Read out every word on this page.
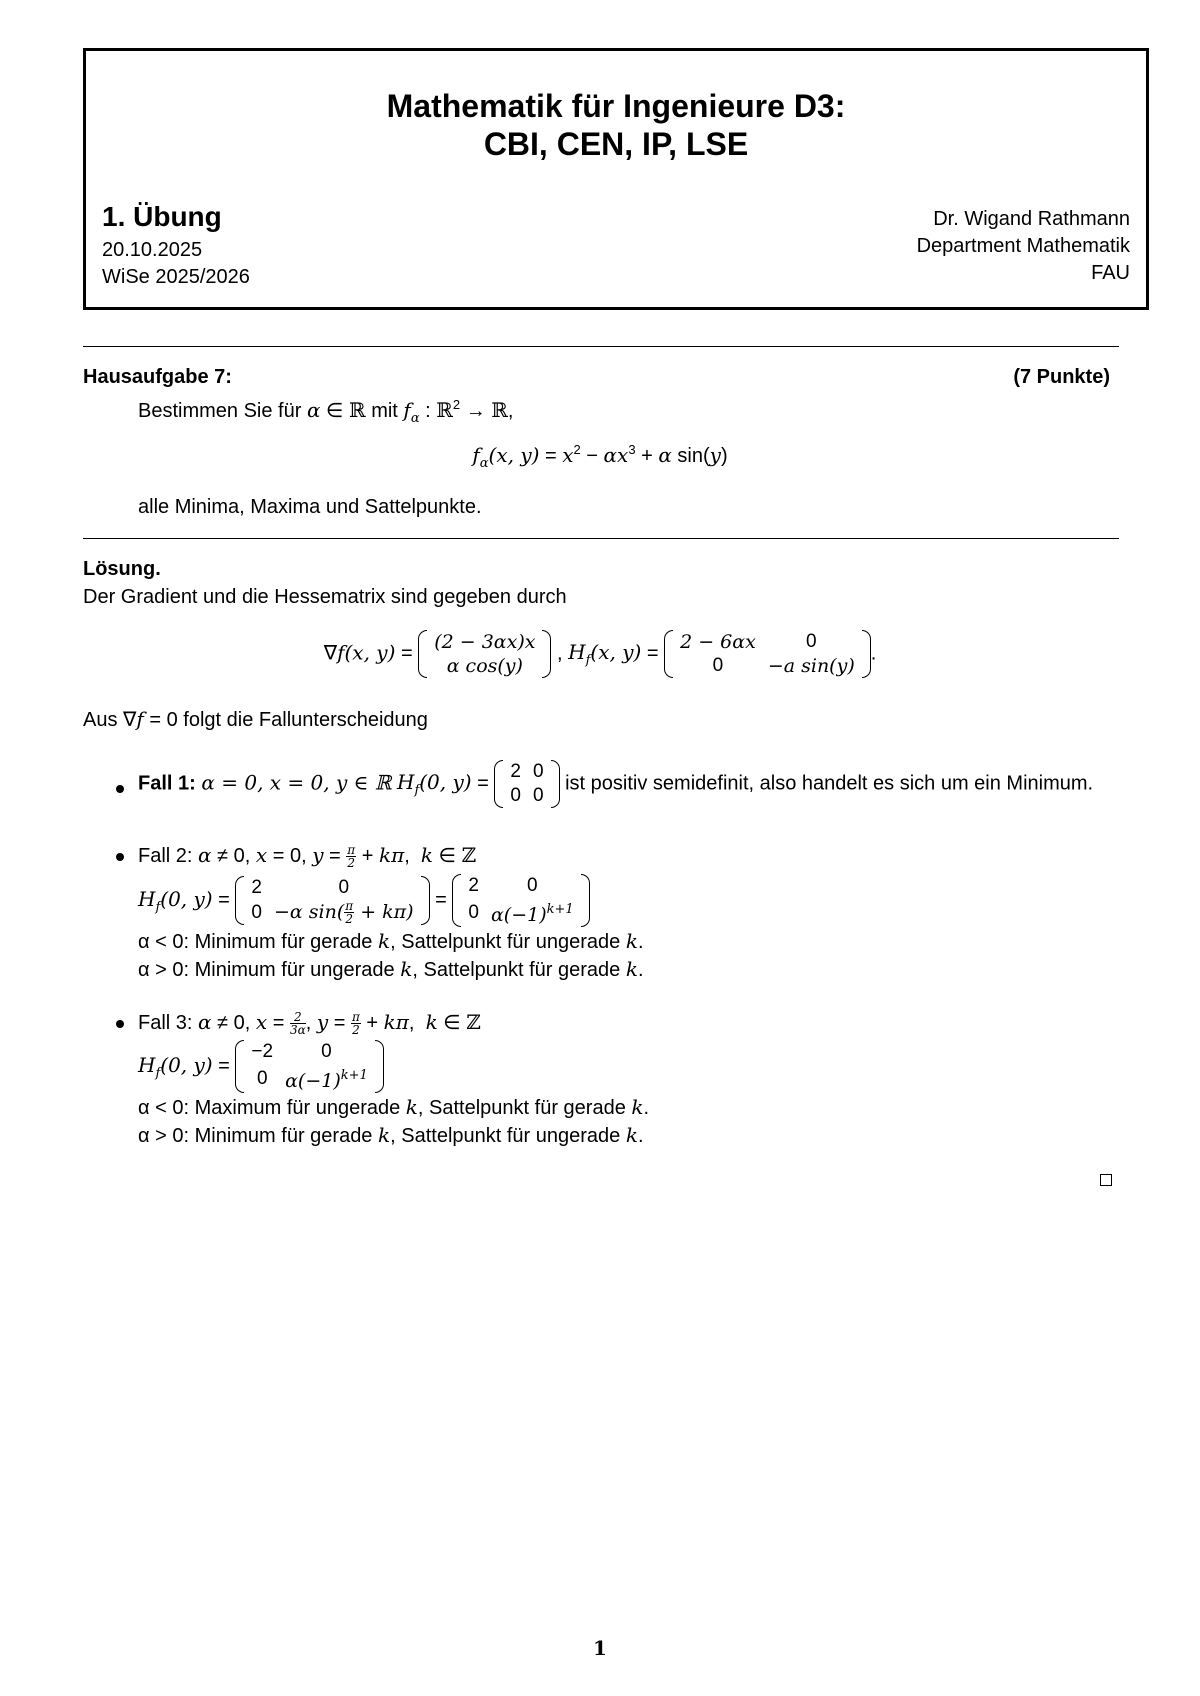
Mathematik für Ingenieure D3:
CBI, CEN, IP, LSE
1. Übung
20.10.2025
WiSe 2025/2026
Dr. Wigand Rathmann
Department Mathematik
FAU
Hausaufgabe 7:	(7 Punkte)
Bestimmen Sie für α ∈ ℝ mit $f_\alpha$ : ℝ$^2$ → ℝ,
$f_\alpha(x$, $y) = x^2 - \alpha x^3 + \alpha$ sin(y)
alle Minima, Maxima und Sattelpunkte.
Lösung.
Der Gradient und die Hessematrix sind gegeben durch
∇f(x, y) =
(2 − 3αx)x
α cos(y)
, $H_f(x$, y) =
2 − 6αx	0
0	−a sin(y)
.
Aus ∇f = 0 folgt die Fallunterscheidung
Fall 1: α = 0, x = 0, y ∈ ℝ $H_f(0$, y) =
2	0
0	0
ist positiv semidefinit, also handelt es sich um ein Minimum.
Fall 2: α ≠ 0, x = 0, $y = \frac{\pi}{2} + k\pi$,  k ∈ ℤ
$H_f(0$, y) =
2	0
0	−α $\sin( \frac{\pi}{2} + k\pi)$
=
2	0
0	$\alpha(-1)^{k+1}$
α < 0: Minimum für gerade k, Sattelpunkt für ungerade k.
α > 0: Minimum für ungerade k, Sattelpunkt für gerade k.
Fall 3: α ≠ 0, $x = \frac{2}{3\alpha}$ , $y = \frac{\pi}{2} + k\pi$,  k ∈ ℤ
$H_f(0$, y) =
−2	0
0	$\alpha(-1)^{k+1}$
α < 0: Maximum für ungerade k, Sattelpunkt für gerade k.
α > 0: Minimum für gerade k, Sattelpunkt für ungerade k.
1
